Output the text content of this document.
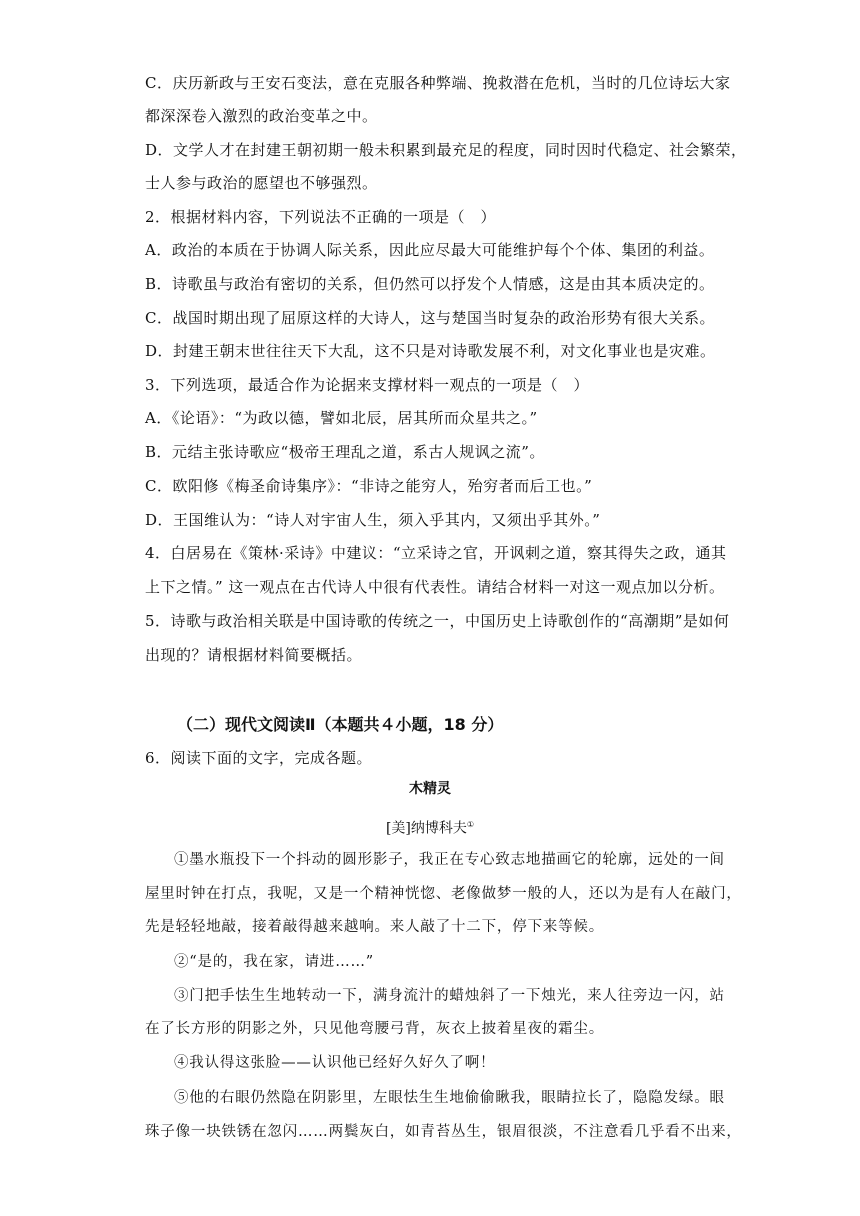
C．庆历新政与王安石变法，意在克服各种弊端、挽救潜在危机，当时的几位诗坛大家
都深深卷入激烈的政治变革之中。
D．文学人才在封建王朝初期一般未积累到最充足的程度，同时因时代稳定、社会繁荣，
士人参与政治的愿望也不够强烈。
2．根据材料内容，下列说法不正确的一项是（　）
A．政治的本质在于协调人际关系，因此应尽最大可能维护每个个体、集团的利益。
B．诗歌虽与政治有密切的关系，但仍然可以抒发个人情感，这是由其本质决定的。
C．战国时期出现了屈原这样的大诗人，这与楚国当时复杂的政治形势有很大关系。
D．封建王朝末世往往天下大乱，这不只是对诗歌发展不利，对文化事业也是灾难。
3．下列选项，最适合作为论据来支撑材料一观点的一项是（　）
A．《论语》：“为政以德，譬如北辰，居其所而众星共之。”
B．元结主张诗歌应“极帝王理乱之道，系古人规讽之流”。
C．欧阳修《梅圣俞诗集序》：“非诗之能穷人，殆穷者而后工也。”
D．王国维认为：“诗人对宇宙人生，须入乎其内，又须出乎其外。”
4．白居易在《策林·采诗》中建议：“立采诗之官，开讽刺之道，察其得失之政，通其
上下之情。” 这一观点在古代诗人中很有代表性。请结合材料一对这一观点加以分析。
5．诗歌与政治相关联是中国诗歌的传统之一，中国历史上诗歌创作的“高潮期”是如何
出现的？请根据材料简要概括。
（二）现代文阅读Ⅱ（本题共４小题，18 分）
6．阅读下面的文字，完成各题。
木精灵
[美]纳博科夫①
①墨水瓶投下一个抖动的圆形影子，我正在专心致志地描画它的轮廓，远处的一间
屋里时钟在打点，我呢，又是一个精神恍惚、老像做梦一般的人，还以为是有人在敲门，
先是轻轻地敲，接着敲得越来越响。来人敲了十二下，停下来等候。
②“是的，我在家，请进……”
③门把手怯生生地转动一下，满身流汁的蜡烛斜了一下烛光，来人往旁边一闪，站
在了长方形的阴影之外，只见他弯腰弓背，灰衣上披着星夜的霜尘。
④我认得这张脸——认识他已经好久好久了啊！
⑤他的右眼仍然隐在阴影里，左眼怯生生地偷偷瞅我，眼睛拉长了，隐隐发绿。眼
珠子像一块铁锈在忽闪……两鬓灰白，如青苔丛生，银眉很淡，不注意看几乎看不出来，
